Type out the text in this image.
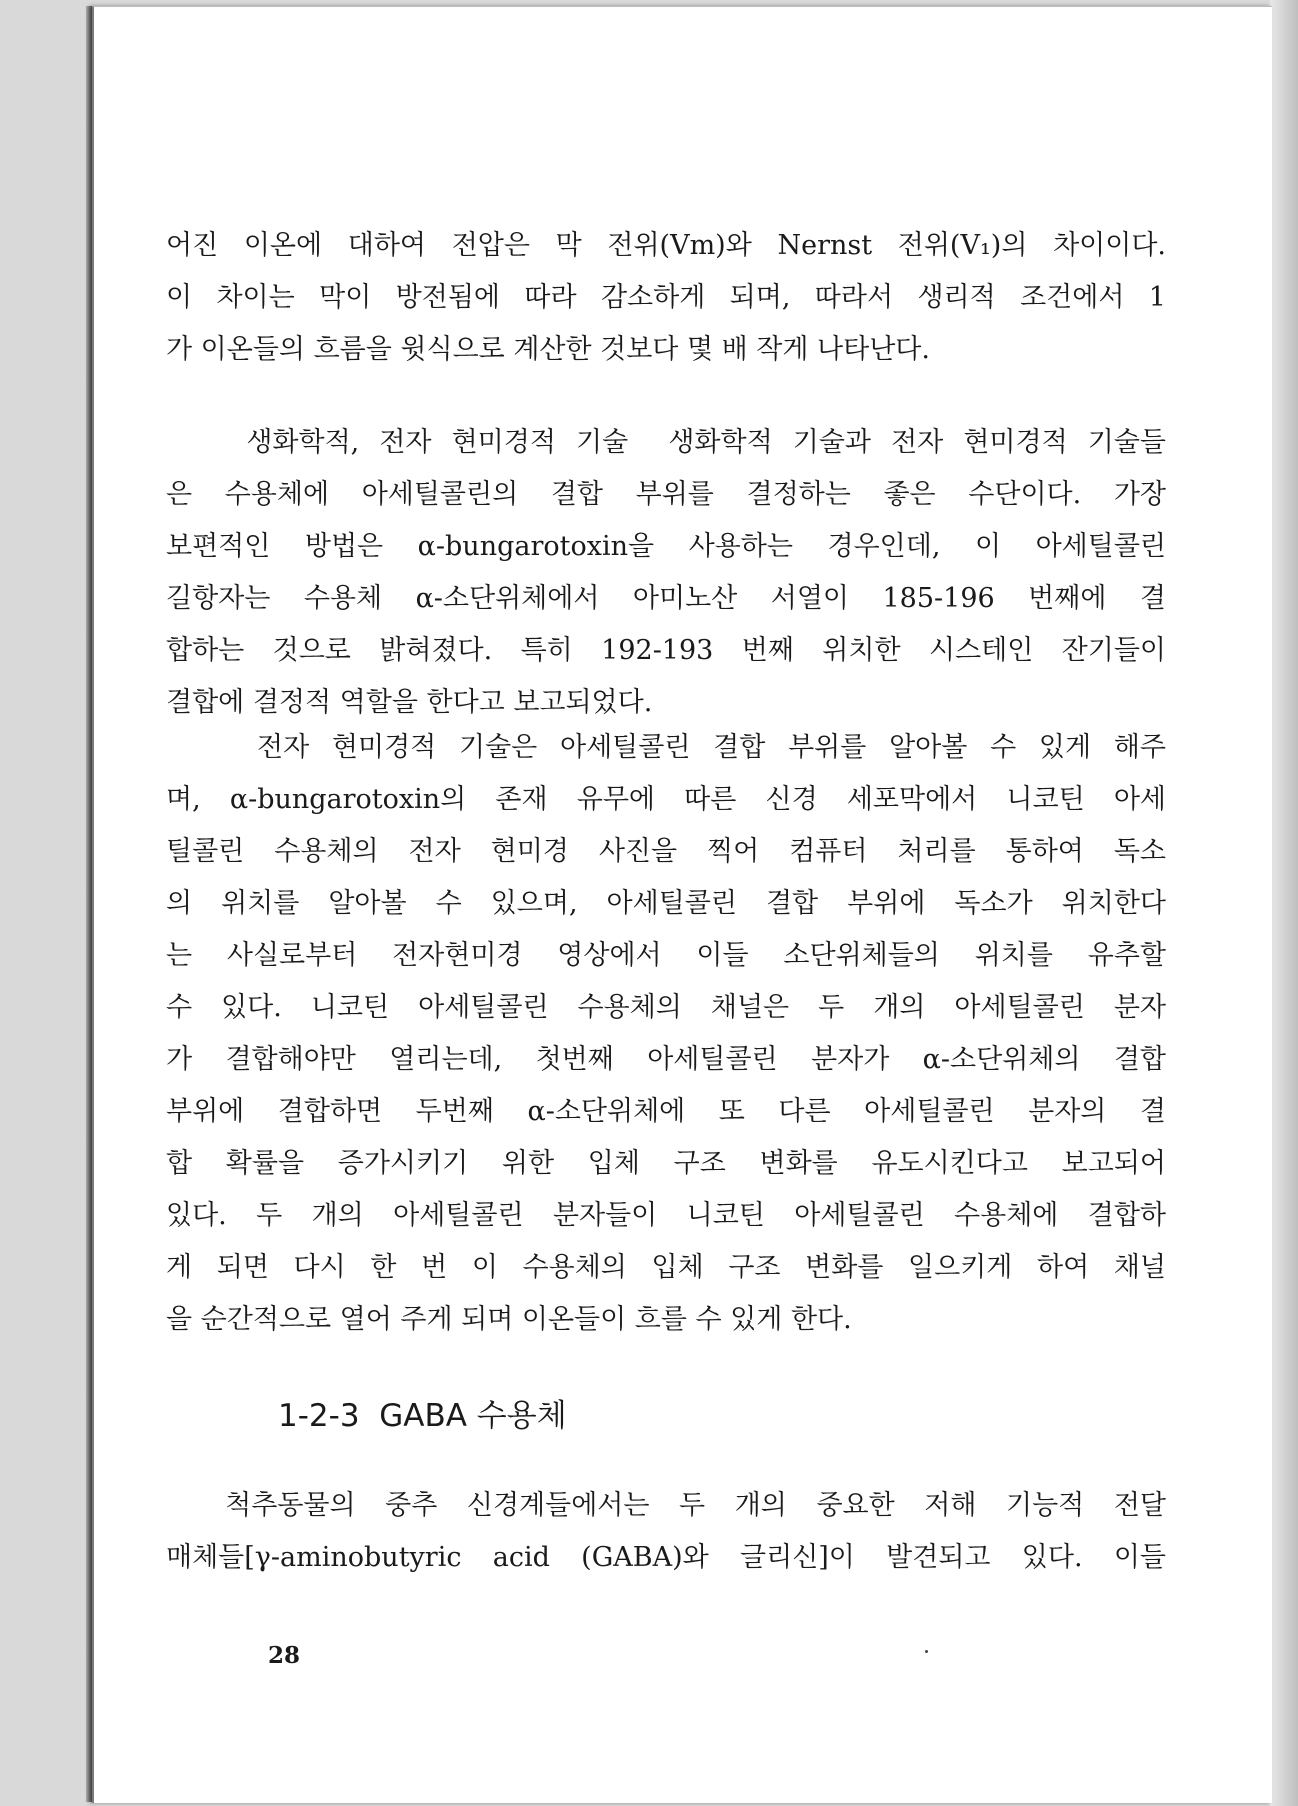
어진 이온에 대하여 전압은 막 전위(Vm)와 Nernst 전위(V₁)의 차이이다.
이 차이는 막이 방전됨에 따라 감소하게 되며, 따라서 생리적 조건에서 1
가 이온들의 흐름을 윗식으로 계산한 것보다 몇 배 작게 나타난다.
생화학적, 전자 현미경적 기술  생화학적 기술과 전자 현미경적 기술들
은 수용체에 아세틸콜린의 결합 부위를 결정하는 좋은 수단이다. 가장
보편적인 방법은 α-bungarotoxin을 사용하는 경우인데, 이 아세틸콜린
길항자는 수용체 α-소단위체에서 아미노산 서열이 185-196 번째에 결
합하는 것으로 밝혀졌다. 특히 192-193 번째 위치한 시스테인 잔기들이
결합에 결정적 역할을 한다고 보고되었다.
전자 현미경적 기술은 아세틸콜린 결합 부위를 알아볼 수 있게 해주
며, α-bungarotoxin의 존재 유무에 따른 신경 세포막에서 니코틴 아세
틸콜린 수용체의 전자 현미경 사진을 찍어 컴퓨터 처리를 통하여 독소
의 위치를 알아볼 수 있으며, 아세틸콜린 결합 부위에 독소가 위치한다
는 사실로부터 전자현미경 영상에서 이들 소단위체들의 위치를 유추할
수 있다. 니코틴 아세틸콜린 수용체의 채널은 두 개의 아세틸콜린 분자
가 결합해야만 열리는데, 첫번째 아세틸콜린 분자가 α-소단위체의 결합
부위에 결합하면 두번째 α-소단위체에 또 다른 아세틸콜린 분자의 결
합 확률을 증가시키기 위한 입체 구조 변화를 유도시킨다고 보고되어
있다. 두 개의 아세틸콜린 분자들이 니코틴 아세틸콜린 수용체에 결합하
게 되면 다시 한 번 이 수용체의 입체 구조 변화를 일으키게 하여 채널
을 순간적으로 열어 주게 되며 이온들이 흐를 수 있게 한다.
1-2-3  GABA 수용체
척추동물의 중추 신경계들에서는 두 개의 중요한 저해 기능적 전달
매체들[γ-aminobutyric acid (GABA)와 글리신]이 발견되고 있다. 이들
28
